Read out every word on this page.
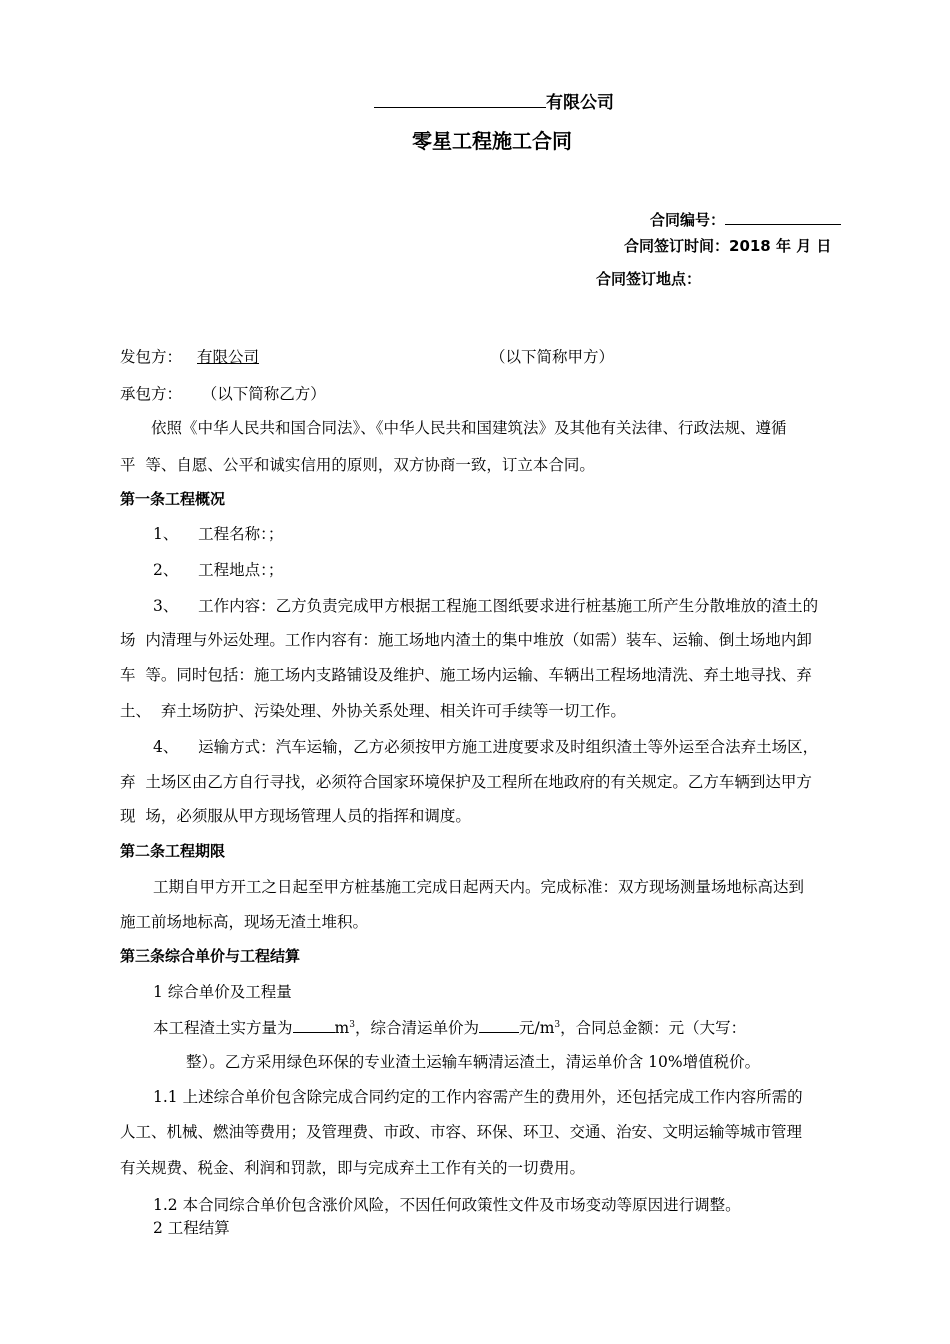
有限公司
零星工程施工合同
合同编号：
合同签订时间：2018 年 月 日
合同签订地点：
发包方： 有限公司	（以下简称甲方）
承包方：    （以下简称乙方）
依照《中华人民共和国合同法》、《中华人民共和国建筑法》及其他有关法律、行政法规、遵循
平  等、自愿、公平和诚实信用的原则，双方协商一致，订立本合同。
第一条工程概况
1、    工程名称：；
2、    工程地点：；
3、    工作内容：乙方负责完成甲方根据工程施工图纸要求进行桩基施工所产生分散堆放的渣土的
场  内清理与外运处理。工作内容有：施工场地内渣土的集中堆放（如需）装车、运输、倒土场地内卸
车  等。同时包括：施工场内支路铺设及维护、施工场内运输、车辆出工程场地清洗、弃土地寻找、弃
土、  弃土场防护、污染处理、外协关系处理、相关许可手续等一切工作。
4、    运输方式：汽车运输，乙方必须按甲方施工进度要求及时组织渣土等外运至合法弃土场区，
弃  土场区由乙方自行寻找，必须符合国家环境保护及工程所在地政府的有关规定。乙方车辆到达甲方
现  场，必须服从甲方现场管理人员的指挥和调度。
第二条工程期限
工期自甲方开工之日起至甲方桩基施工完成日起两天内。完成标准：双方现场测量场地标高达到
施工前场地标高，现场无渣土堆积。
第三条综合单价与工程结算
1 综合单价及工程量
本工程渣土实方量为	$m^3$，综合清运单价为	元$/m^3$，合同总金额：元（大写：
整）。乙方采用绿色环保的专业渣土运输车辆清运渣土，清运单价含 10%增值税价。
1.1 上述综合单价包含除完成合同约定的工作内容需产生的费用外，还包括完成工作内容所需的
人工、机械、燃油等费用；及管理费、市政、市容、环保、环卫、交通、治安、文明运输等城市管理
有关规费、税金、利润和罚款，即与完成弃土工作有关的一切费用。
1.2 本合同综合单价包含涨价风险，不因任何政策性文件及市场变动等原因进行调整。
2 工程结算
